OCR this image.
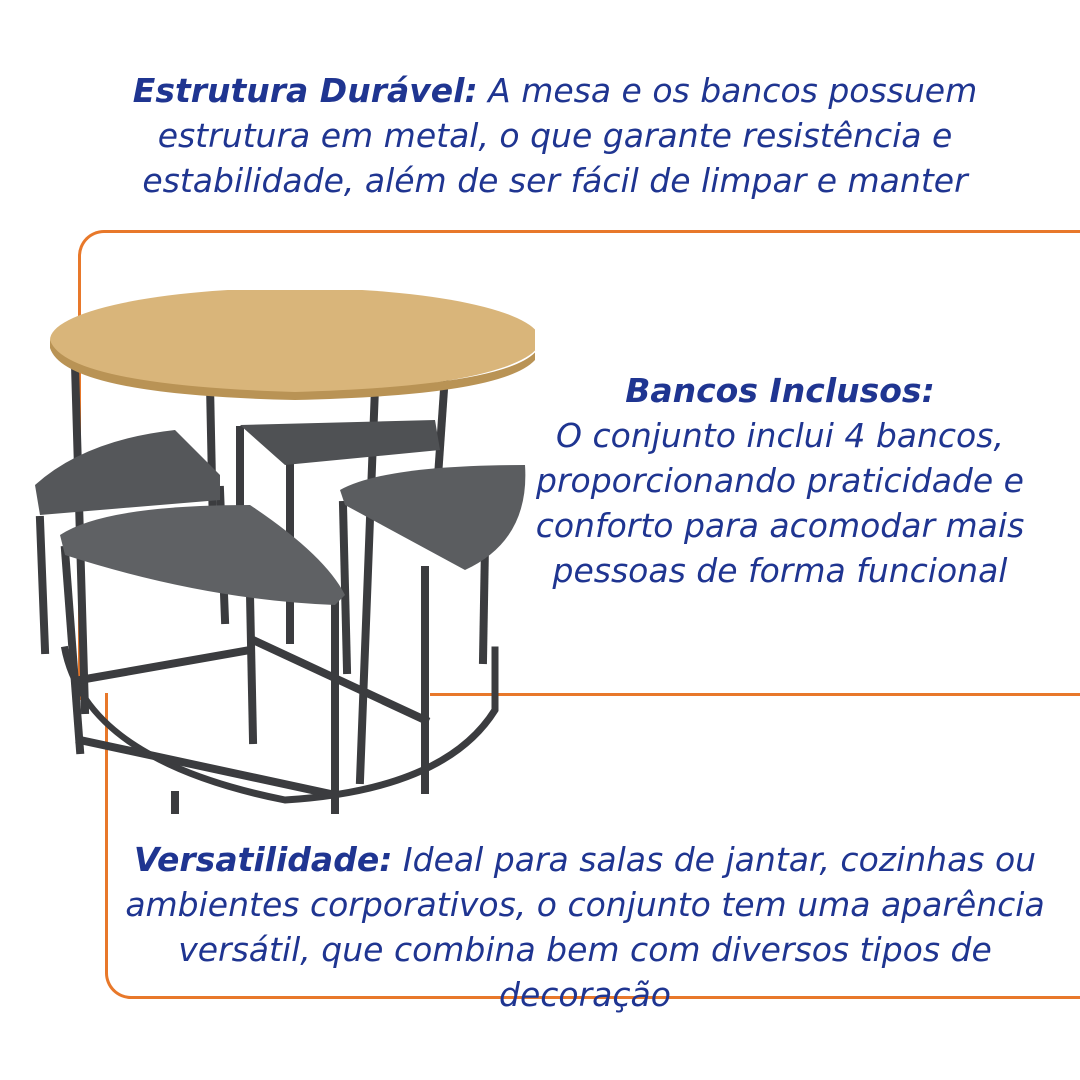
Estrutura Durável: A mesa e os bancos possuem
estrutura em metal, o que garante resistência e
estabilidade, além de ser fácil de limpar e manter

Bancos Inclusos:
O conjunto inclui 4 bancos,
proporcionando praticidade e
conforto para acomodar mais
pessoas de forma funcional

Versatilidade: Ideal para salas de jantar, cozinhas ou
ambientes corporativos, o conjunto tem uma aparência
versátil, que combina bem com diversos tipos de decoração
